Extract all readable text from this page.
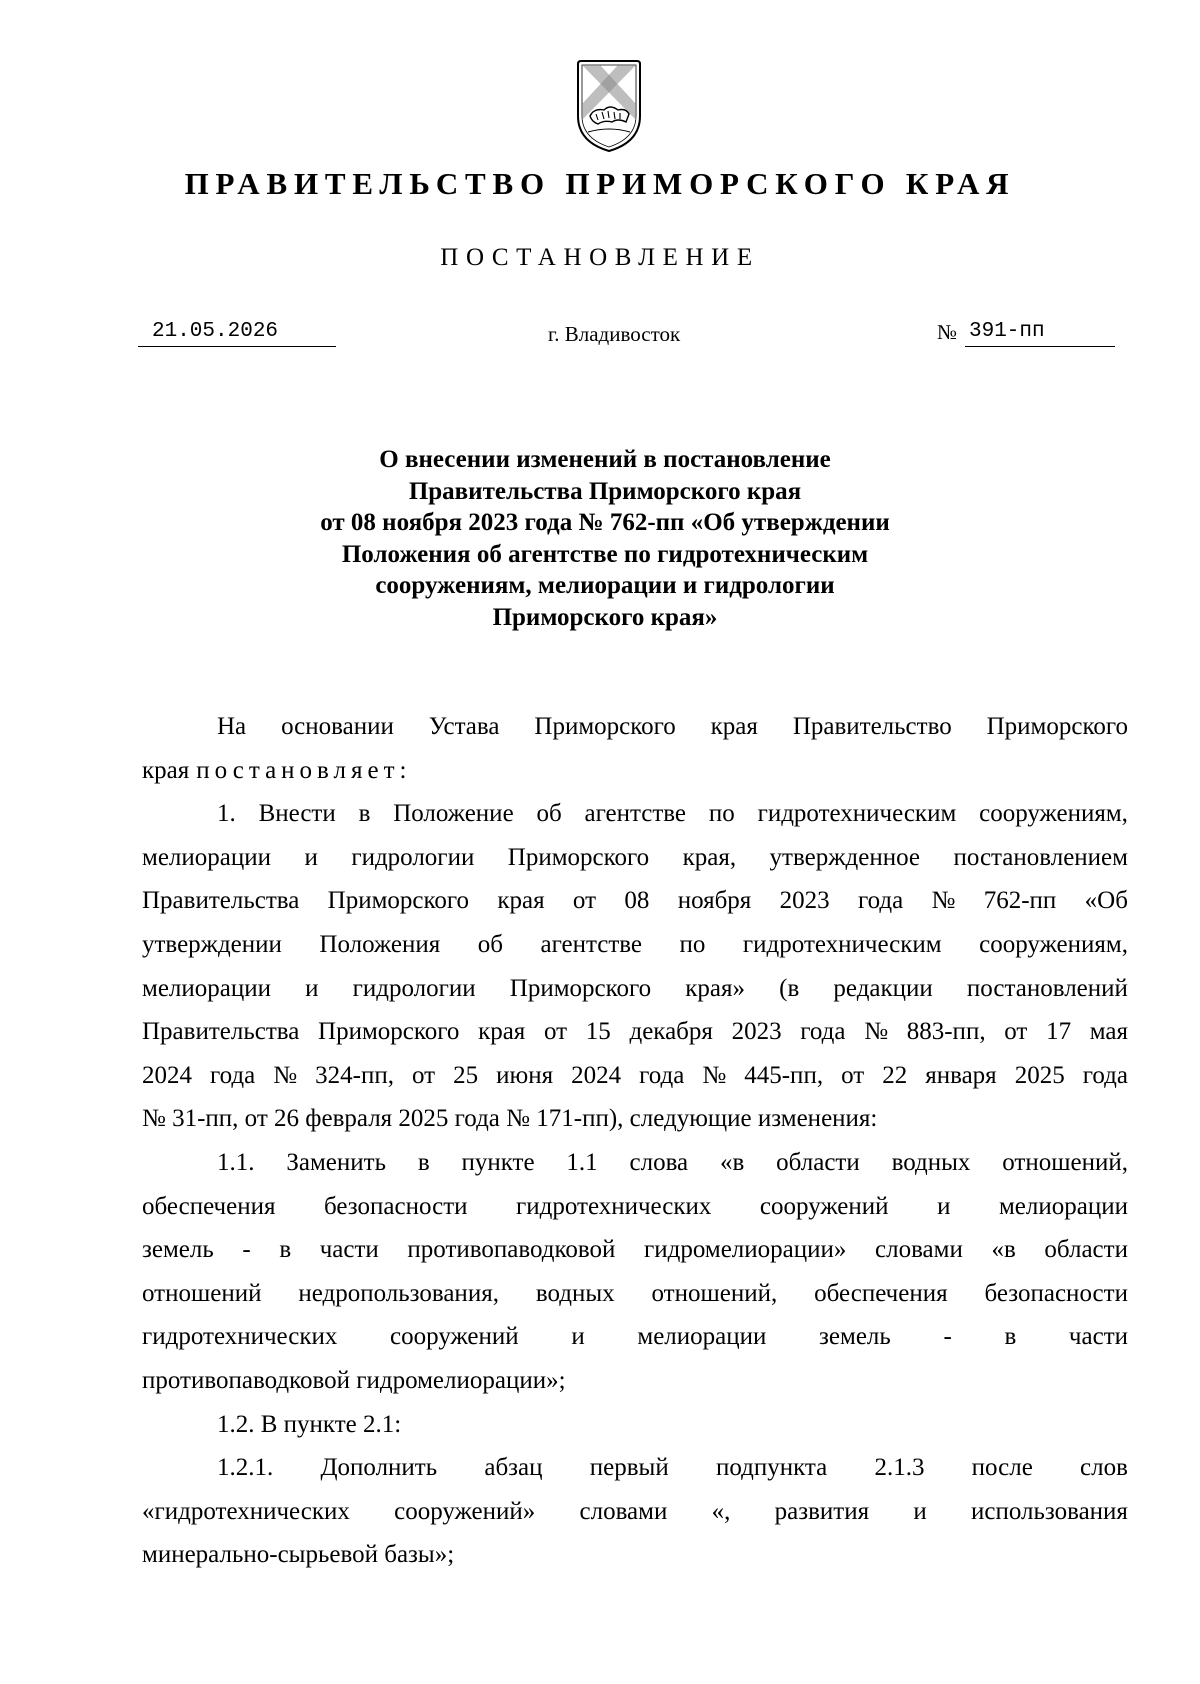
ПРАВИТЕЛЬСТВО ПРИМОРСКОГО КРАЯ
ПОСТАНОВЛЕНИЕ
21.05.2026	г. Владивосток	№ 391-пп
О внесении изменений в постановление
Правительства Приморского края
от 08 ноября 2023 года № 762-пп «Об утверждении
Положения об агентстве по гидротехническим
сооружениям, мелиорации и гидрологии
Приморского края»
На основании Устава Приморского края Правительство Приморского
края постановляет:
1. Внести в Положение об агентстве по гидротехническим сооружениям,
мелиорации и гидрологии Приморского края, утвержденное постановлением
Правительства Приморского края от 08 ноября 2023 года № 762-пп «Об
утверждении Положения об агентстве по гидротехническим сооружениям,
мелиорации и гидрологии Приморского края» (в редакции постановлений
Правительства Приморского края от 15 декабря 2023 года № 883-пп, от 17 мая
2024 года № 324-пп, от 25 июня 2024 года № 445-пп, от 22 января 2025 года
№ 31-пп, от 26 февраля 2025 года № 171-пп), следующие изменения:
1.1. Заменить в пункте 1.1 слова «в области водных отношений,
обеспечения безопасности гидротехнических сооружений и мелиорации
земель - в части противопаводковой гидромелиорации» словами «в области
отношений недропользования, водных отношений, обеспечения безопасности
гидротехнических сооружений и мелиорации земель - в части
противопаводковой гидромелиорации»;
1.2. В пункте 2.1:
1.2.1. Дополнить абзац первый подпункта 2.1.3 после слов
«гидротехнических сооружений» словами «, развития и использования
минерально-сырьевой базы»;
